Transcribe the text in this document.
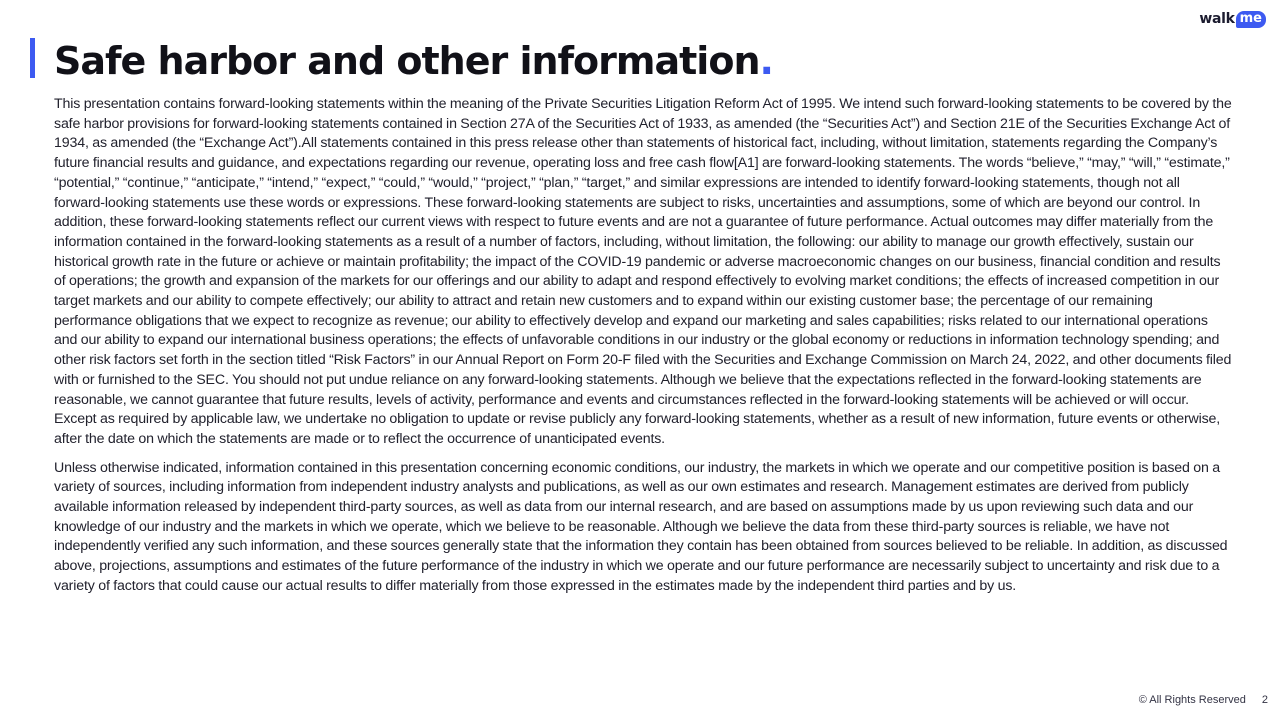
Safe harbor and other information.
walk me

This presentation contains forward-looking statements within the meaning of the Private Securities Litigation Reform Act of 1995. We intend such forward-looking statements to be covered by the safe harbor provisions for forward-looking statements contained in Section 27A of the Securities Act of 1933, as amended (the “Securities Act”) and Section 21E of the Securities Exchange Act of 1934, as amended (the “Exchange Act”).All statements contained in this press release other than statements of historical fact, including, without limitation, statements regarding the Company’s future financial results and guidance, and expectations regarding our revenue, operating loss and free cash flow[A1] are forward-looking statements. The words “believe,” “may,” “will,” “estimate,” “potential,” “continue,” “anticipate,” “intend,” “expect,” “could,” “would,” “project,” “plan,” “target,” and similar expressions are intended to identify forward-looking statements, though not all forward-looking statements use these words or expressions. These forward-looking statements are subject to risks, uncertainties and assumptions, some of which are beyond our control. In addition, these forward-looking statements reflect our current views with respect to future events and are not a guarantee of future performance. Actual outcomes may differ materially from the information contained in the forward-looking statements as a result of a number of factors, including, without limitation, the following: our ability to manage our growth effectively, sustain our historical growth rate in the future or achieve or maintain profitability; the impact of the COVID-19 pandemic or adverse macroeconomic changes on our business, financial condition and results of operations; the growth and expansion of the markets for our offerings and our ability to adapt and respond effectively to evolving market conditions; the effects of increased competition in our target markets and our ability to compete effectively; our ability to attract and retain new customers and to expand within our existing customer base; the percentage of our remaining performance obligations that we expect to recognize as revenue; our ability to effectively develop and expand our marketing and sales capabilities; risks related to our international operations and our ability to expand our international business operations; the effects of unfavorable conditions in our industry or the global economy or reductions in information technology spending; and other risk factors set forth in the section titled “Risk Factors” in our Annual Report on Form 20-F filed with the Securities and Exchange Commission on March 24, 2022, and other documents filed with or furnished to the SEC. You should not put undue reliance on any forward-looking statements. Although we believe that the expectations reflected in the forward-looking statements are reasonable, we cannot guarantee that future results, levels of activity, performance and events and circumstances reflected in the forward-looking statements will be achieved or will occur. Except as required by applicable law, we undertake no obligation to update or revise publicly any forward-looking statements, whether as a result of new information, future events or otherwise, after the date on which the statements are made or to reflect the occurrence of unanticipated events.

Unless otherwise indicated, information contained in this presentation concerning economic conditions, our industry, the markets in which we operate and our competitive position is based on a variety of sources, including information from independent industry analysts and publications, as well as our own estimates and research. Management estimates are derived from publicly available information released by independent third-party sources, as well as data from our internal research, and are based on assumptions made by us upon reviewing such data and our knowledge of our industry and the markets in which we operate, which we believe to be reasonable. Although we believe the data from these third-party sources is reliable, we have not independently verified any such information, and these sources generally state that the information they contain has been obtained from sources believed to be reliable. In addition, as discussed above, projections, assumptions and estimates of the future performance of the industry in which we operate and our future performance are necessarily subject to uncertainty and risk due to a variety of factors that could cause our actual results to differ materially from those expressed in the estimates made by the independent third parties and by us.

© All Rights Reserved 2
